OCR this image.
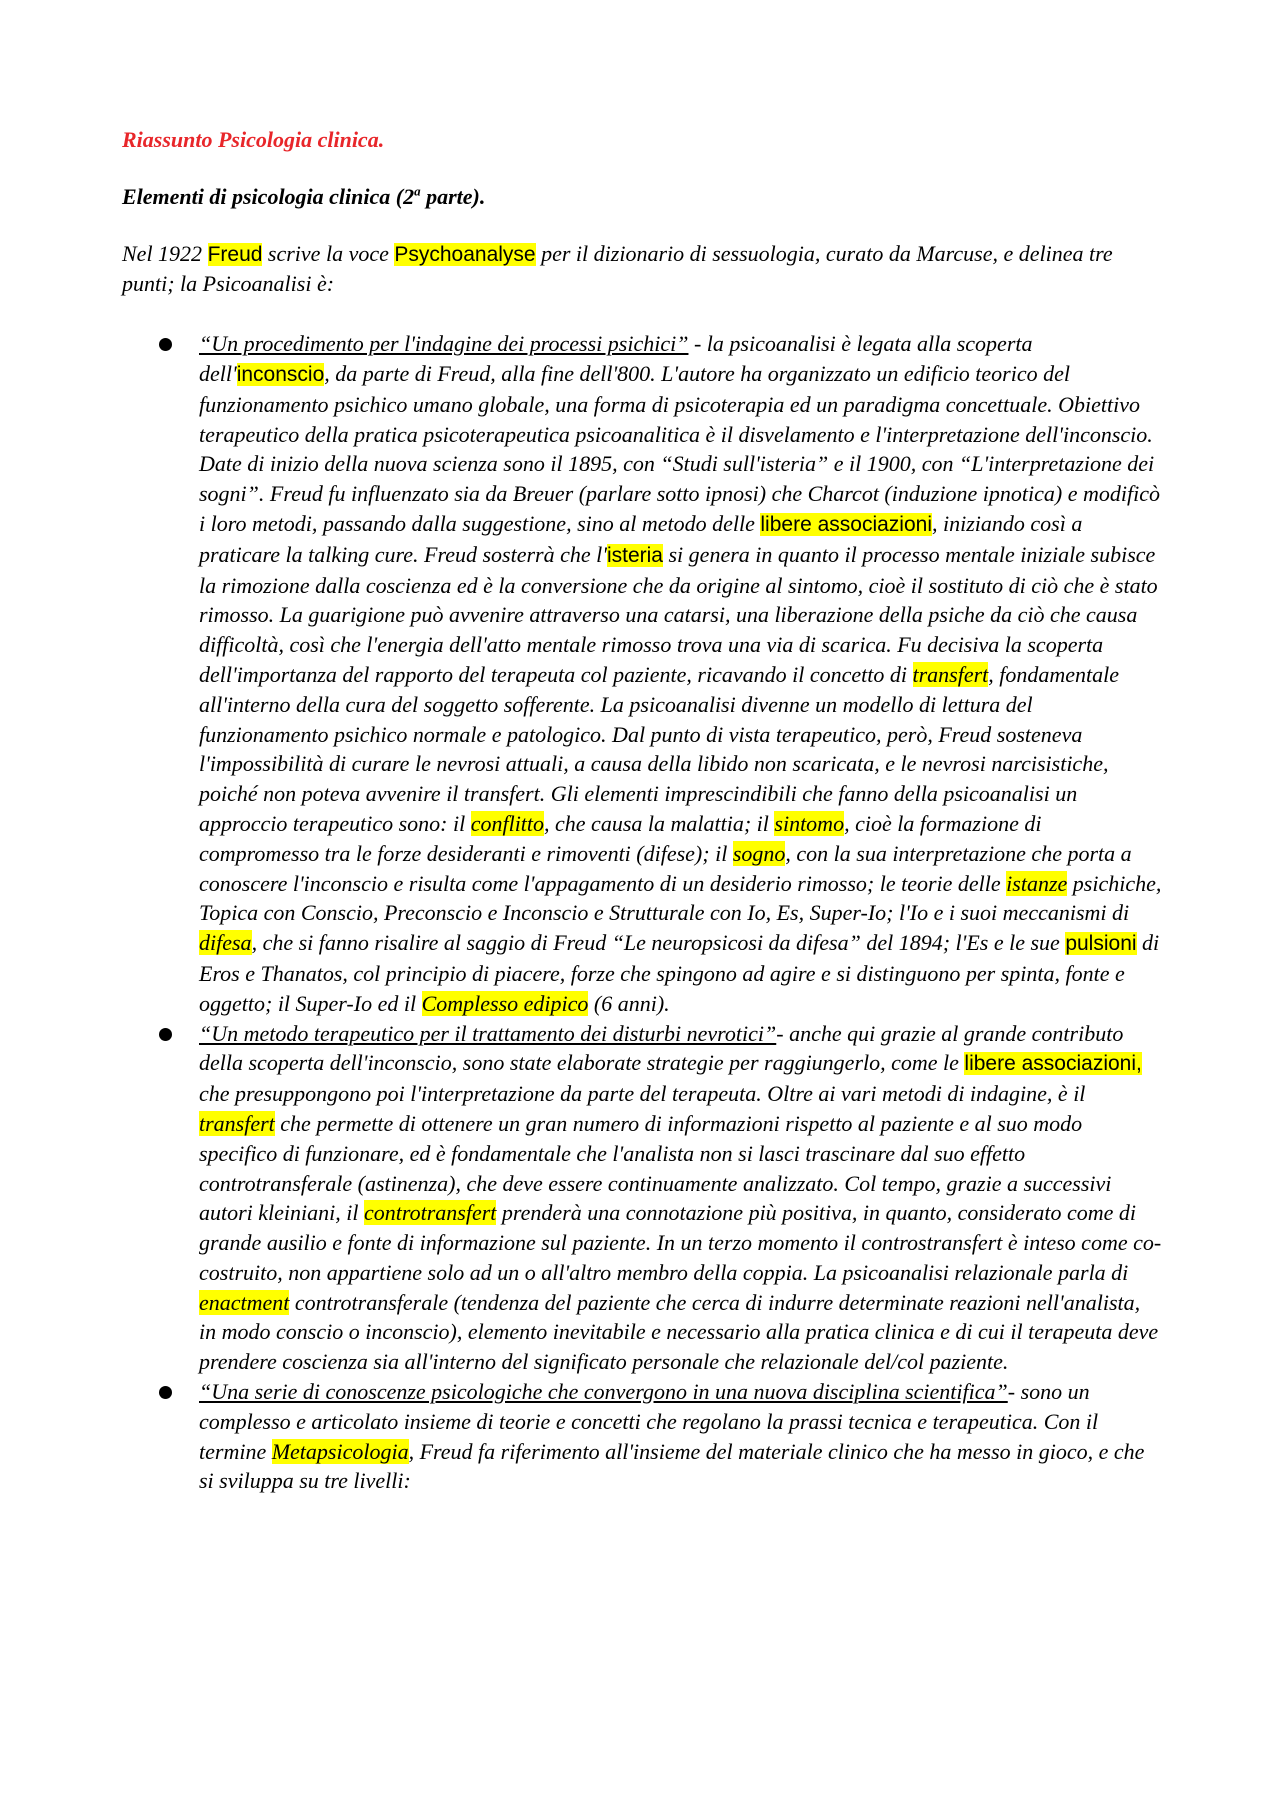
Riassunto Psicologia clinica.

Elementi di psicologia clinica (2$^a$ parte).

Nel 1922 Freud scrive la voce Psychoanalyse per il dizionario di sessuologia, curato da Marcuse, e delinea tre punti; la Psicoanalisi è:

“Un procedimento per l'indagine dei processi psichici” - la psicoanalisi è legata alla scoperta dell'inconscio, da parte di Freud, alla fine dell'800. L'autore ha organizzato un edificio teorico del funzionamento psichico umano globale, una forma di psicoterapia ed un paradigma concettuale. Obiettivo terapeutico della pratica psicoterapeutica psicoanalitica è il disvelamento e l'interpretazione dell'inconscio. Date di inizio della nuova scienza sono il 1895, con “Studi sull'isteria” e il 1900, con “L'interpretazione dei sogni”. Freud fu influenzato sia da Breuer (parlare sotto ipnosi) che Charcot (induzione ipnotica) e modificò i loro metodi, passando dalla suggestione, sino al metodo delle libere associazioni, iniziando così a praticare la talking cure. Freud sosterrà che l'isteria si genera in quanto il processo mentale iniziale subisce la rimozione dalla coscienza ed è la conversione che da origine al sintomo, cioè il sostituto di ciò che è stato rimosso. La guarigione può avvenire attraverso una catarsi, una liberazione della psiche da ciò che causa difficoltà, così che l'energia dell'atto mentale rimosso trova una via di scarica. Fu decisiva la scoperta dell'importanza del rapporto del terapeuta col paziente, ricavando il concetto di transfert, fondamentale all'interno della cura del soggetto sofferente. La psicoanalisi divenne un modello di lettura del funzionamento psichico normale e patologico. Dal punto di vista terapeutico, però, Freud sosteneva l'impossibilità di curare le nevrosi attuali, a causa della libido non scaricata, e le nevrosi narcisistiche, poiché non poteva avvenire il transfert. Gli elementi imprescindibili che fanno della psicoanalisi un approccio terapeutico sono: il conflitto, che causa la malattia; il sintomo, cioè la formazione di compromesso tra le forze desideranti e rimoventi (difese); il sogno, con la sua interpretazione che porta a conoscere l'inconscio e risulta come l'appagamento di un desiderio rimosso; le teorie delle istanze psichiche, Topica con Conscio, Preconscio e Inconscio e Strutturale con Io, Es, Super-Io; l'Io e i suoi meccanismi di difesa, che si fanno risalire al saggio di Freud “Le neuropsicosi da difesa” del 1894; l'Es e le sue pulsioni di Eros e Thanatos, col principio di piacere, forze che spingono ad agire e si distinguono per spinta, fonte e oggetto; il Super-Io ed il Complesso edipico (6 anni).
“Un metodo terapeutico per il trattamento dei disturbi nevrotici”- anche qui grazie al grande contributo della scoperta dell'inconscio, sono state elaborate strategie per raggiungerlo, come le libere associazioni, che presuppongono poi l'interpretazione da parte del terapeuta. Oltre ai vari metodi di indagine, è il transfert che permette di ottenere un gran numero di informazioni rispetto al paziente e al suo modo specifico di funzionare, ed è fondamentale che l'analista non si lasci trascinare dal suo effetto controtransferale (astinenza), che deve essere continuamente analizzato. Col tempo, grazie a successivi autori kleiniani, il controtransfert prenderà una connotazione più positiva, in quanto, considerato come di grande ausilio e fonte di informazione sul paziente. In un terzo momento il controstransfert è inteso come co-costruito, non appartiene solo ad un o all'altro membro della coppia. La psicoanalisi relazionale parla di enactment controtransferale (tendenza del paziente che cerca di indurre determinate reazioni nell'analista, in modo conscio o inconscio), elemento inevitabile e necessario alla pratica clinica e di cui il terapeuta deve prendere coscienza sia all'interno del significato personale che relazionale del/col paziente.
“Una serie di conoscenze psicologiche che convergono in una nuova disciplina scientifica”- sono un complesso e articolato insieme di teorie e concetti che regolano la prassi tecnica e terapeutica. Con il termine Metapsicologia, Freud fa riferimento all'insieme del materiale clinico che ha messo in gioco, e che si sviluppa su tre livelli:
